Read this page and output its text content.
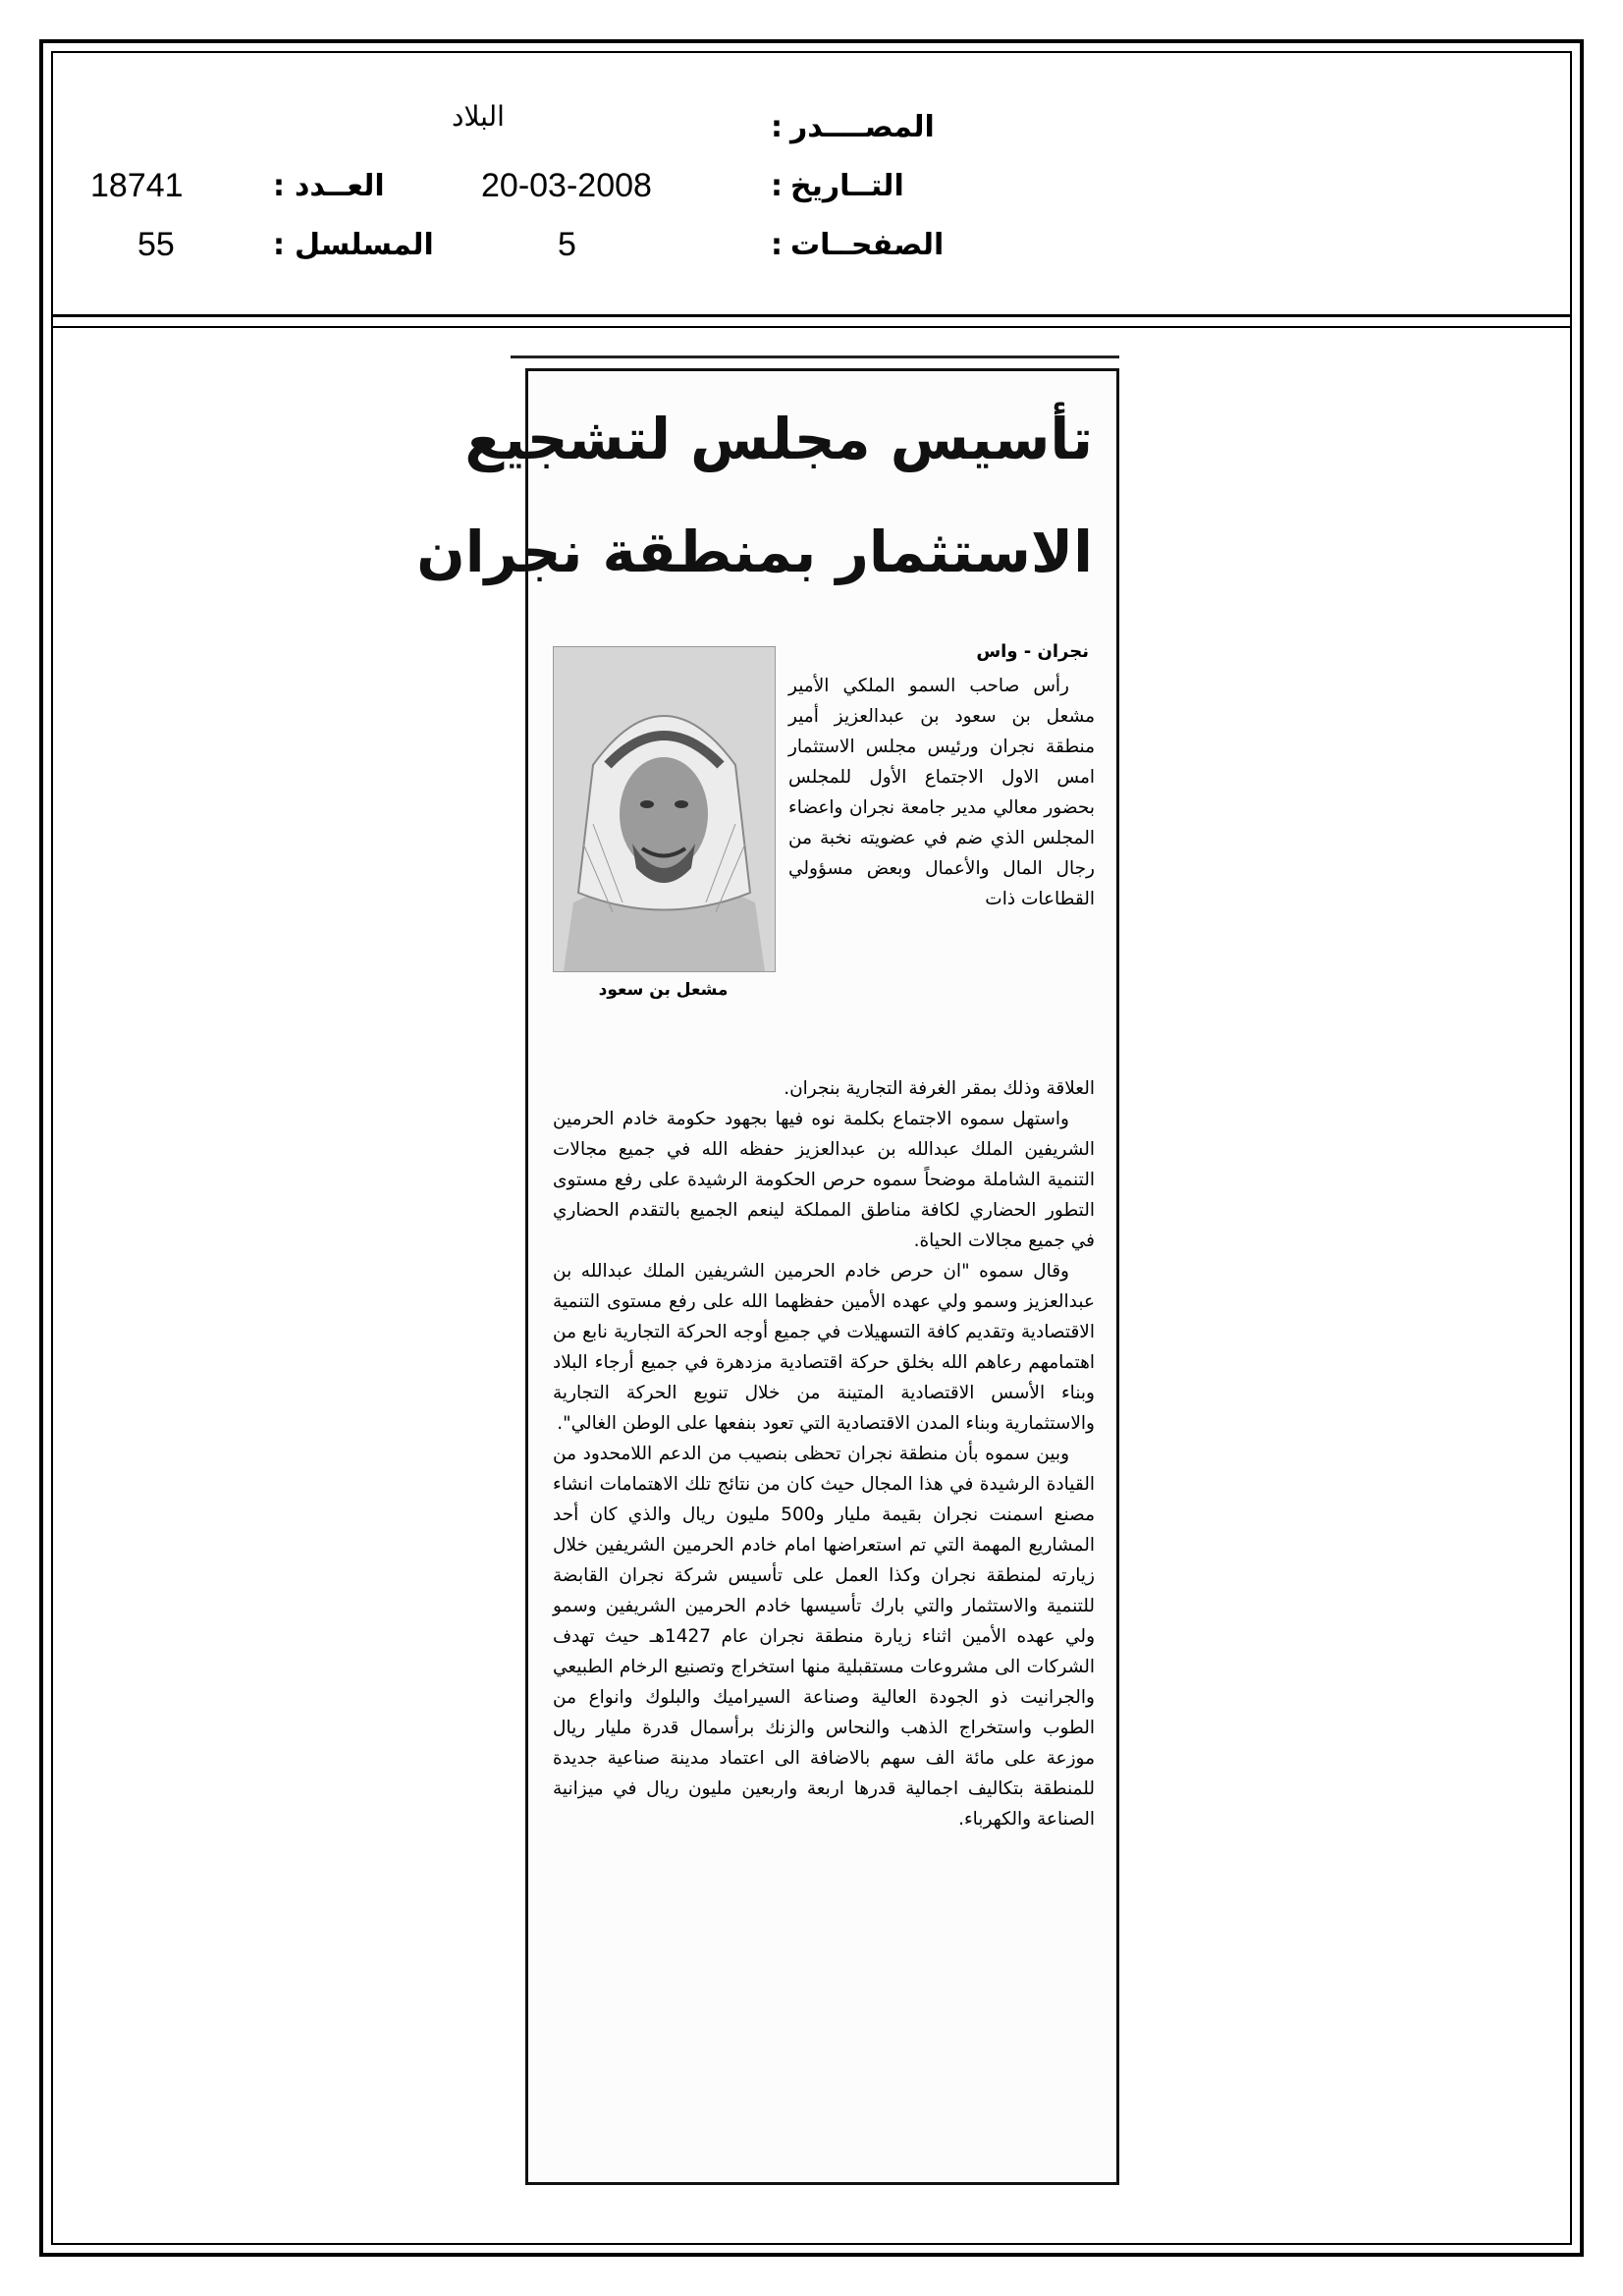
المصــــدر
:
البلاد
التــاريخ
:
20-03-2008
العــدد
:
18741
الصفحــات
:
5
المسلسل
:
55
تأسيس مجلس لتشجيع
الاستثمار بمنطقة نجران
نجران - واس
مشعل بن سعود

رأس صاحب السمو الملكي الأمير مشعل بن سعود بن عبدالعزيز أمير منطقة نجران ورئيس مجلس الاستثمار امس الاول الاجتماع الأول للمجلس بحضور معالي مدير جامعة نجران واعضاء المجلس الذي ضم في عضويته نخبة من رجال المال والأعمال وبعض مسؤولي القطاعات ذات

العلاقة وذلك بمقر الغرفة التجارية بنجران.

واستهل سموه الاجتماع بكلمة نوه فيها بجهود حكومة خادم الحرمين الشريفين الملك عبدالله بن عبدالعزيز حفظه الله في جميع مجالات التنمية الشاملة موضحاً سموه حرص الحكومة الرشيدة على رفع مستوى التطور الحضاري لكافة مناطق المملكة لينعم الجميع بالتقدم الحضاري في جميع مجالات الحياة.

وقال سموه "ان حرص خادم الحرمين الشريفين الملك عبدالله بن عبدالعزيز وسمو ولي عهده الأمين حفظهما الله على رفع مستوى التنمية الاقتصادية وتقديم كافة التسهيلات في جميع أوجه الحركة التجارية نابع من اهتمامهم رعاهم الله بخلق حركة اقتصادية مزدهرة في جميع أرجاء البلاد وبناء الأسس الاقتصادية المتينة من خلال تنويع الحركة التجارية والاستثمارية وبناء المدن الاقتصادية التي تعود بنفعها على الوطن الغالي".

وبين سموه بأن منطقة نجران تحظى بنصيب من الدعم اللامحدود من القيادة الرشيدة في هذا المجال حيث كان من نتائج تلك الاهتمامات انشاء مصنع اسمنت نجران بقيمة مليار و500 مليون ريال والذي كان أحد المشاريع المهمة التي تم استعراضها امام خادم الحرمين الشريفين خلال زيارته لمنطقة نجران وكذا العمل على تأسيس شركة نجران القابضة للتنمية والاستثمار والتي بارك تأسيسها خادم الحرمين الشريفين وسمو ولي عهده الأمين اثناء زيارة منطقة نجران عام 1427هـ حيث تهدف الشركات الى مشروعات مستقبلية منها استخراج وتصنيع الرخام الطبيعي والجرانيت ذو الجودة العالية وصناعة السيراميك والبلوك وانواع من الطوب واستخراج الذهب والنحاس والزنك برأسمال قدرة مليار ريال موزعة على مائة الف سهم بالاضافة الى اعتماد مدينة صناعية جديدة للمنطقة بتكاليف اجمالية قدرها اربعة واربعين مليون ريال في ميزانية الصناعة والكهرباء.
